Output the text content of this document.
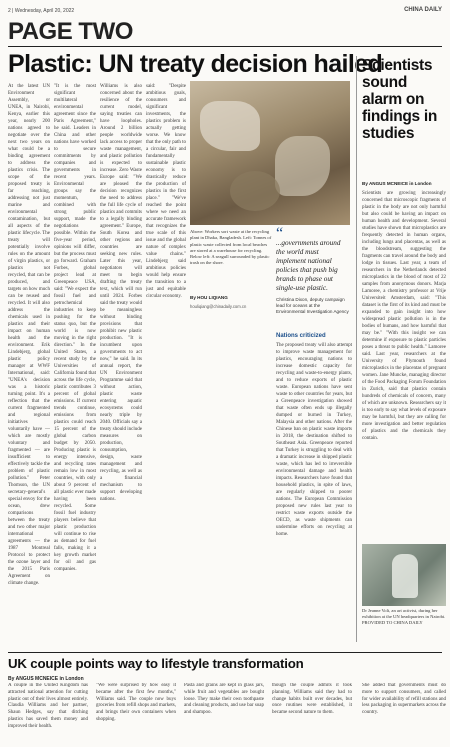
2 | Wednesday, April 20, 2022	CHINA DAILY
PAGE TWO
Plastic: UN treaty decision hailed
At the latest UN Environment Assembly, or UNEA, in Nairobi, Kenya, earlier this year, nearly 200 nations agreed to negotiate over the next two years on what could be a binding agreement to address the plastics crisis. The scope of the proposed treaty is far reaching, addressing not just marine and environmental contamination, but all aspects of the plastic lifecycle. The treaty will potentially involve rules on the amount of virgin plastics, or plastics not recycled, that can be produced, and targets on how much can be reused and recycled. It will also address the chemicals used in plastics and their impact on human health and the environment. Erik Lindebjerg, global plastic policy manager at WWF International, said: "UNEA's decision was a historic turning point. It's a reflection that the current fragmented and regional initiatives voluntarily have — which are mostly voluntary and fragmented — are insufficient to effectively tackle the problem of plastic pollution." Peter Thomson, the UN secretary-general's special envoy for the ocean, drew comparisons between the treaty and two other major international agreements — the 1987 Montreal Protocol to protect the ozone layer and the 2015 Paris Agreement on climate change.
"It is the most significant multilateral environmental agreement since the Paris Agreement," he said. Leaders in China and other nations have worked to secure commitments by companies and governments in recent years. Environmental groups say the momentum, combined with strong public support, made the negotiations possible. Within the five-year period, opinions will differ, but the process must go forward. Graham Forbes, global project lead at Greenpeace USA, said: "We expect the fossil fuel and petrochemical industries to keep pushing for the status quo, but the world is now moving in the right direction." In the United States, a recent study by the Universities of California found that across the life cycle, plastic contributes 3 percent of global emissions. If current trends continue, emissions from plastics could reach 15 percent of the global carbon budget by 2050. Producing plastic is energy intensive, and recycling rates remain low in most countries, with only about 9 percent of all plastic ever made having been recycled. Some fossil fuel industry players believe that plastic production will continue to rise as demand for fuel falls, making it a key growth market for oil and gas companies.
Williams is also concerned about the resilience of the current model, saying treaties can have loopholes. Around 2 billion people worldwide lack access to proper waste management, and plastic pollution is expected to increase. Zero Waste Europe said: "We are pleased the decision recognizes the need to address the full life cycle of plastics and commits to a legally binding agreement." Europe, South Korea and other regions and countries are seeking new rules. Later this year, negotiators will meet to begin drafting the treaty text, which will run until 2024. Forbes said the treaty would be meaningless without binding provisions that prohibit new plastic production. "It is incumbent upon governments to act now," he said. In its annual report, the UN Environment Programme said that without action, plastic waste entering aquatic ecosystems could nearly triple by 2040. Officials say a treaty should include measures on production, consumption, design, waste management and recycling, as well as a financial mechanism to support developing nations.
said: "Despite ambitious goals, consumers and significant investments, the plastics problem is actually getting worse. We know that the only path to a circular, fair and fundamentally sustainable plastic economy is to drastically reduce the production of plastics in the first place." "We've reached the point where we need an accurate framework that recognizes the true scale of this issue and the global nature of complex value chains." Lindebjerg said ambitious policies would help ensure the transition to a just and equitable circular economy.
Above: Workers sort waste at the recycling plant in Dhaka, Bangladesh. Left: Tonnes of plastic waste collected from local beaches are stored at a warehouse for recycling. Below left: A seagull surrounded by plastic trash on the shore.
“
...governments around the world must implement national policies that push big brands to phase out single-use plastic.
Christina Dixon, deputy campaign lead for oceans at the Environmental Investigation Agency
Nations criticized
The proposed treaty will also attempt to improve waste management for plastics, encouraging nations to increase domestic capacity for recycling and waste-to-energy plants, and to reduce exports of plastic waste. European nations have sent waste to other countries for years, but a Greenpeace investigation showed that waste often ends up illegally dumped or burned in Turkey, Malaysia and other nations. After the Chinese ban on plastic waste imports in 2018, the destination shifted to Southeast Asia. Greenpeace reported that Turkey is struggling to deal with a dramatic increase in shipped plastic waste, which has led to irreversible environmental damage and health impacts. Researchers have found that household plastics, in spite of laws, are regularly shipped to poorer nations. The European Commission proposed new rules last year to restrict waste exports outside the OECD, as waste shipments can undermine efforts on recycling at home.
By HOU LIQIANG
houliqiang@chinadaily.com.cn
Scientists sound alarm on findings in studies
By ANGUS MCNEICE in London
Scientists are growing increasingly concerned that microscopic fragments of plastic in the body are not only harmful but also could be having an impact on human health and development. Several studies have shown that microplastics are frequently detected in human organs, including lungs and placentas, as well as the bloodstream, suggesting the fragments can travel around the body and lodge in tissues. Last year, a team of researchers in the Netherlands detected microplastics in the blood of most of 22 samples from anonymous donors. Marja Lamoree, a chemistry professor at Vrije Universiteit Amsterdam, said: "This dataset is the first of its kind and must be expanded to gain insight into how widespread plastic pollution is in the bodies of humans, and how harmful that may be." "With this insight we can determine if exposure to plastic particles poses a threat to public health." Lamoree said. Last year, researchers at the University of Plymouth found microplastics in the placentas of pregnant women. Jane Muncke, managing director of the Food Packaging Forum Foundation in Zurich, said that plastics contain hundreds of chemicals of concern, many of which are unknown. Researchers say it is too early to say what levels of exposure may be harmful, but they are calling for more investigation and better regulation of plastics and the chemicals they contain.
Dr Jeanne Volt, an art activist, during her exhibition at the UN headquarters in Nairobi. PROVIDED TO CHINA DAILY
UK couple points way to lifestyle transformation
By ANGUS MCNEICE in London
A couple in the United Kingdom has attracted national attention for cutting plastic out of their lives almost entirely. Claudia Williams and her partner, Shaun Hedges, say that ditching plastics has saved them money and improved their health.
"We were surprised by how easy it became after the first few months," Williams said. The couple now buys groceries from refill shops and markets, and brings their own containers when shopping.
Pasta and grains are kept in glass jars, while fruit and vegetables are bought loose. They make their own toothpaste and cleaning products, and use bar soap and shampoo.
though the couple admits it took planning. Williams said they had to change habits built over decades, but once routines were established, it became second nature to them.
She added that governments must do more to support consumers, and called for wider availability of refill stations and less packaging in supermarkets across the country.
